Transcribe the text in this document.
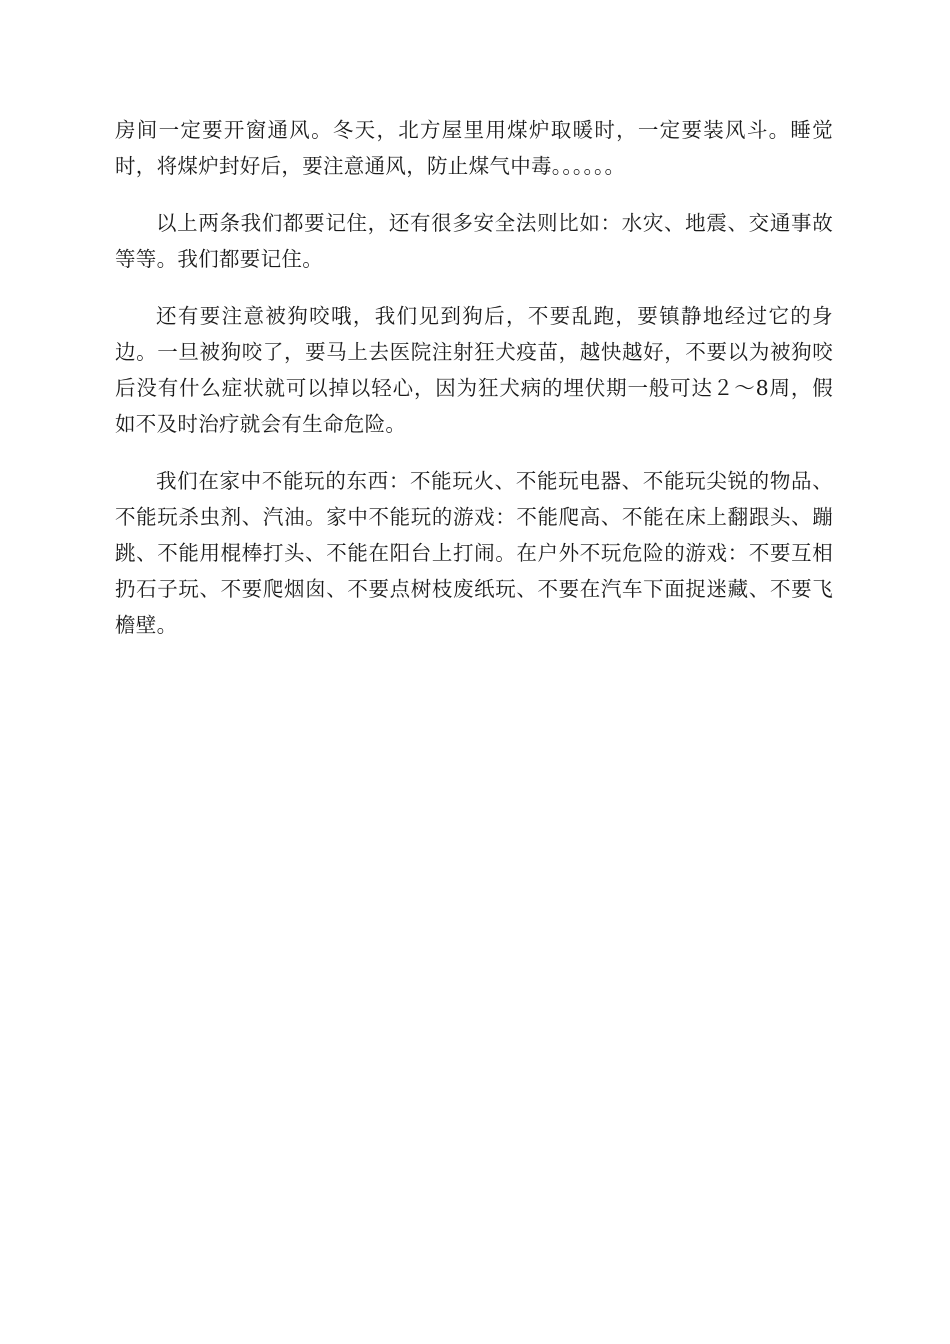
房间一定要开窗通风。冬天，北方屋里用煤炉取暖时，一定要装风斗。睡觉时，将煤炉封好后，要注意通风，防止煤气中毒。。。。。。

以上两条我们都要记住，还有很多安全法则比如：水灾、地震、交通事故等等。我们都要记住。

还有要注意被狗咬哦，我们见到狗后，不要乱跑，要镇静地经过它的身边。一旦被狗咬了，要马上去医院注射狂犬疫苗，越快越好，不要以为被狗咬后没有什么症状就可以掉以轻心，因为狂犬病的埋伏期一般可达２～8周，假如不及时治疗就会有生命危险。

我们在家中不能玩的东西：不能玩火、不能玩电器、不能玩尖锐的物品、不能玩杀虫剂、汽油。家中不能玩的游戏：不能爬高、不能在床上翻跟头、蹦跳、不能用棍棒打头、不能在阳台上打闹。在户外不玩危险的游戏：不要互相扔石子玩、不要爬烟囱、不要点树枝废纸玩、不要在汽车下面捉迷藏、不要飞檐壁。
